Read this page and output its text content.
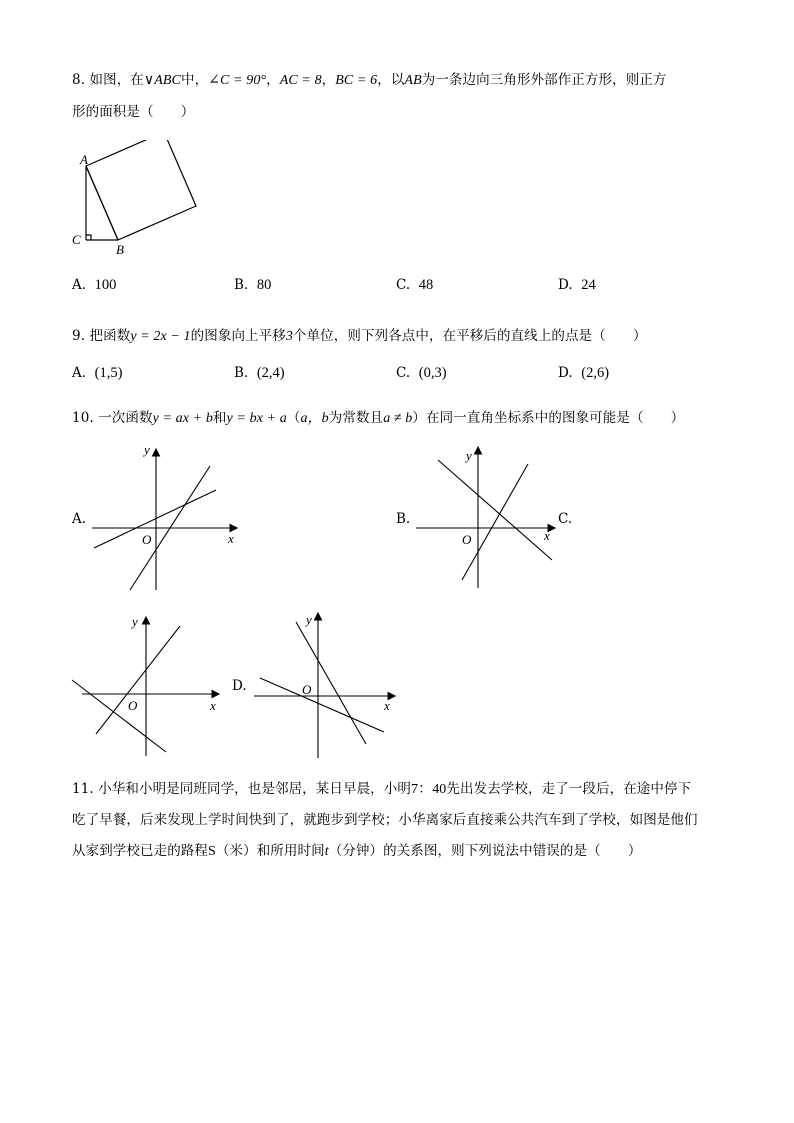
8. 如图，在∨ABC中，∠C = 90°，AC = 8，BC = 6，以AB为一条边向三角形外部作正方形，则正方
形的面积是（　　）
A
C
B
A. 100	B. 80	C. 48	D. 24
9. 把函数y = 2x − 1的图象向上平移3个单位，则下列各点中，在平移后的直线上的点是（　　）
A. (1,5)	B. (2,4)	C. (0,3)	D. (2,6)
10. 一次函数y = ax + b和y = bx + a（a，b为常数且a ≠ b）在同一直角坐标系中的图象可能是（　　）
A.	B.	C.
D.
y
x
O
y
x
O
y
x
O
y
x
O
11. 小华和小明是同班同学，也是邻居，某日早晨，小明7：40先出发去学校，走了一段后，在途中停下
吃了早餐，后来发现上学时间快到了，就跑步到学校；小华离家后直接乘公共汽车到了学校，如图是他们
从家到学校已走的路程S（米）和所用时间t（分钟）的关系图，则下列说法中错误的是（　　）
